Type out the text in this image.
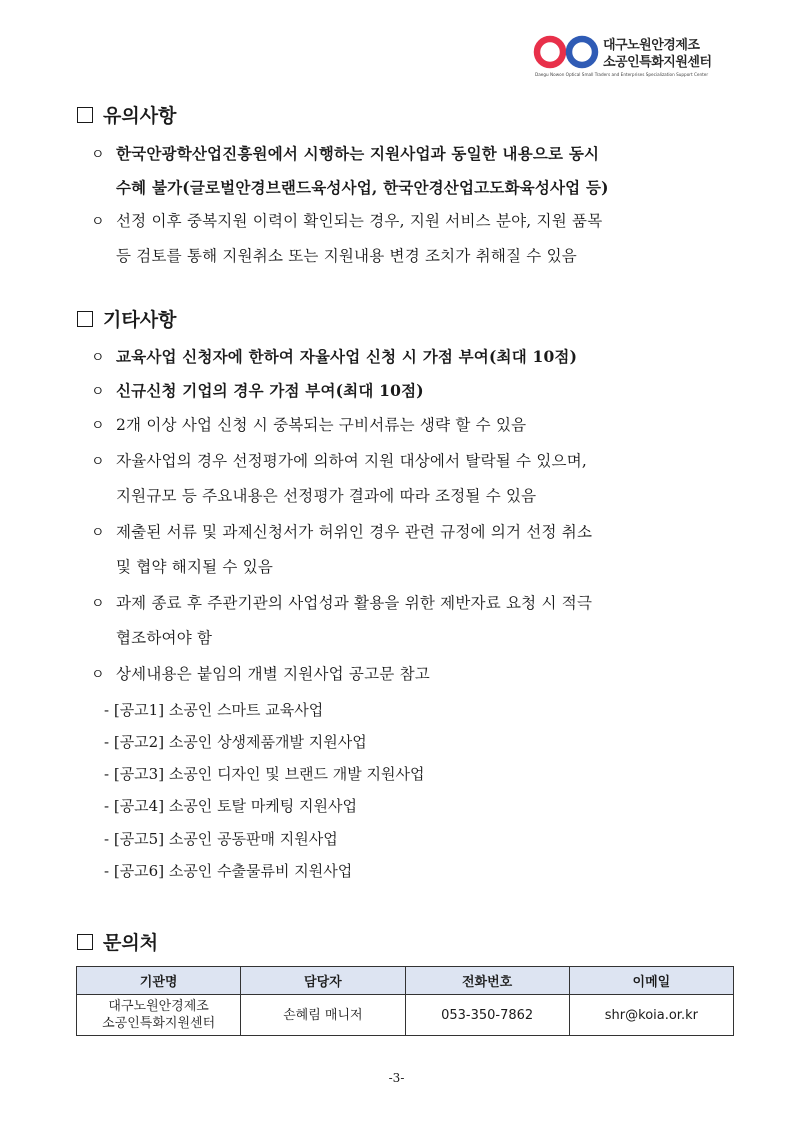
대구노원안경제조
소공인특화지원센터
Daegu Nowon Optical Small Traders and Enterprises Specialization Support Center
유의사항
ㅇ 한국안광학산업진흥원에서 시행하는 지원사업과 동일한 내용으로 동시
수혜 불가(글로벌안경브랜드육성사업, 한국안경산업고도화육성사업 등)
ㅇ 선정 이후 중복지원 이력이 확인되는 경우, 지원 서비스 분야, 지원 품목
등 검토를 통해 지원취소 또는 지원내용 변경 조치가 취해질 수 있음
기타사항
ㅇ 교육사업 신청자에 한하여 자율사업 신청 시 가점 부여(최대 10점)
ㅇ 신규신청 기업의 경우 가점 부여(최대 10점)
ㅇ 2개 이상 사업 신청 시 중복되는 구비서류는 생략 할 수 있음
ㅇ 자율사업의 경우 선정평가에 의하여 지원 대상에서 탈락될 수 있으며,
지원규모 등 주요내용은 선정평가 결과에 따라 조정될 수 있음
ㅇ 제출된 서류 및 과제신청서가 허위인 경우 관련 규정에 의거 선정 취소
및 협약 해지될 수 있음
ㅇ 과제 종료 후 주관기관의 사업성과 활용을 위한 제반자료 요청 시 적극
협조하여야 함
ㅇ 상세내용은 붙임의 개별 지원사업 공고문 참고
- [공고1] 소공인 스마트 교육사업
- [공고2] 소공인 상생제품개발 지원사업
- [공고3] 소공인 디자인 및 브랜드 개발 지원사업
- [공고4] 소공인 토탈 마케팅 지원사업
- [공고5] 소공인 공동판매 지원사업
- [공고6] 소공인 수출물류비 지원사업
문의처
기관명	담당자	전화번호	이메일

대구노원안경제조
소공인특화지원센터	손혜림 매니저	053-350-7862	shr@koia.or.kr
-3-
